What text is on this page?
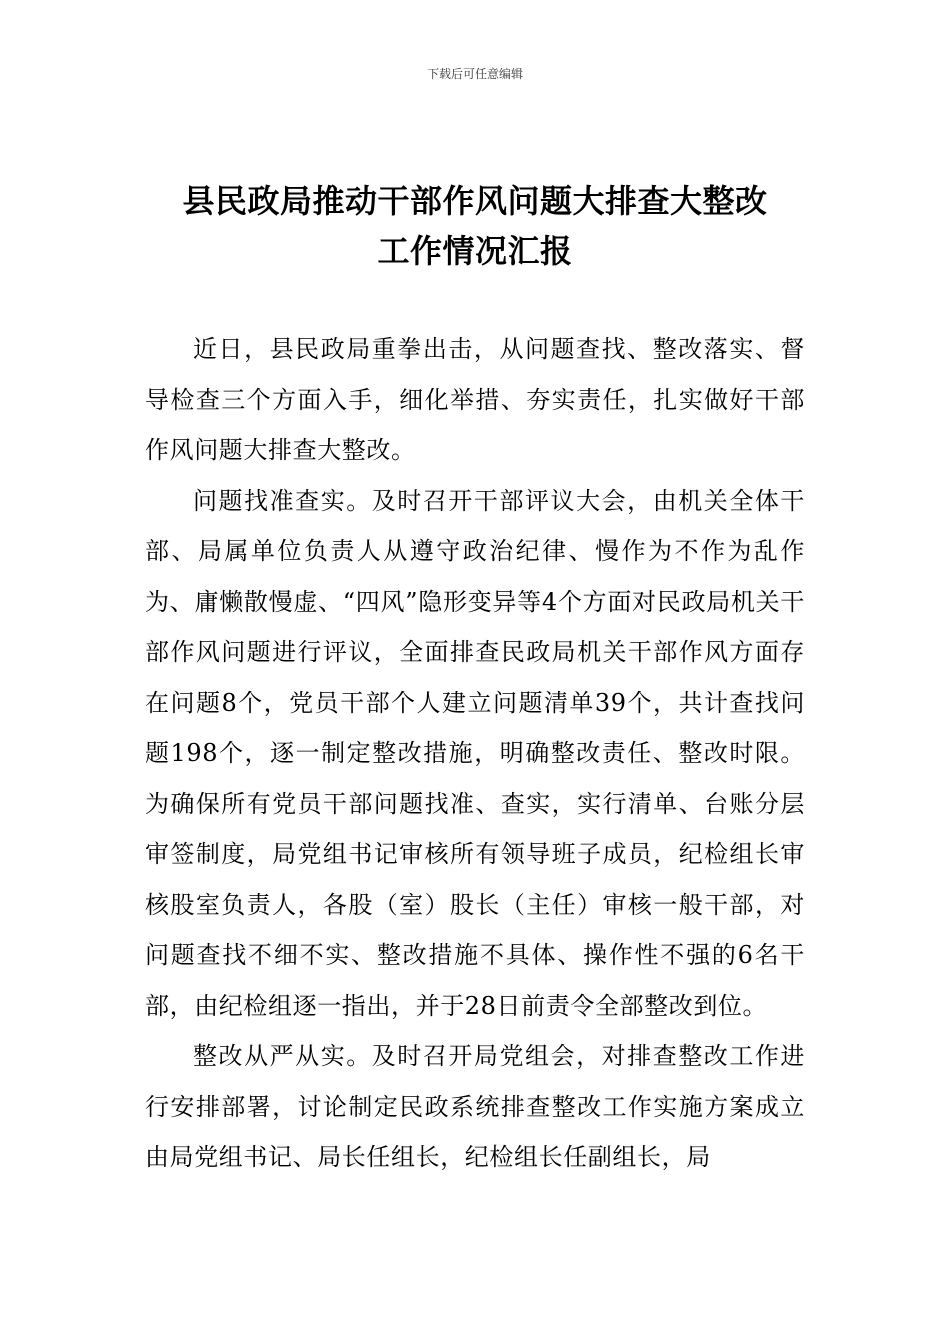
下载后可任意编辑
县民政局推动干部作风问题大排查大整改
工作情况汇报

近日，县民政局重拳出击，从问题查找、整改落实、督导检查三个方面入手，细化举措、夯实责任，扎实做好干部作风问题大排查大整改。

问题找准查实。及时召开干部评议大会，由机关全体干部、局属单位负责人从遵守政治纪律、慢作为不作为乱作为、庸懒散慢虚、“四风”隐形变异等4个方面对民政局机关干部作风问题进行评议，全面排查民政局机关干部作风方面存在问题8个，党员干部个人建立问题清单39个，共计查找问题198个，逐一制定整改措施，明确整改责任、整改时限。为确保所有党员干部问题找准、查实，实行清单、台账分层审签制度，局党组书记审核所有领导班子成员，纪检组长审核股室负责人，各股（室）股长（主任）审核一般干部，对问题查找不细不实、整改措施不具体、操作性不强的6名干部，由纪检组逐一指出，并于28日前责令全部整改到位。

整改从严从实。及时召开局党组会，对排查整改工作进行安排部署，讨论制定民政系统排查整改工作实施方案成立由局党组书记、局长任组长，纪检组长任副组长，局
